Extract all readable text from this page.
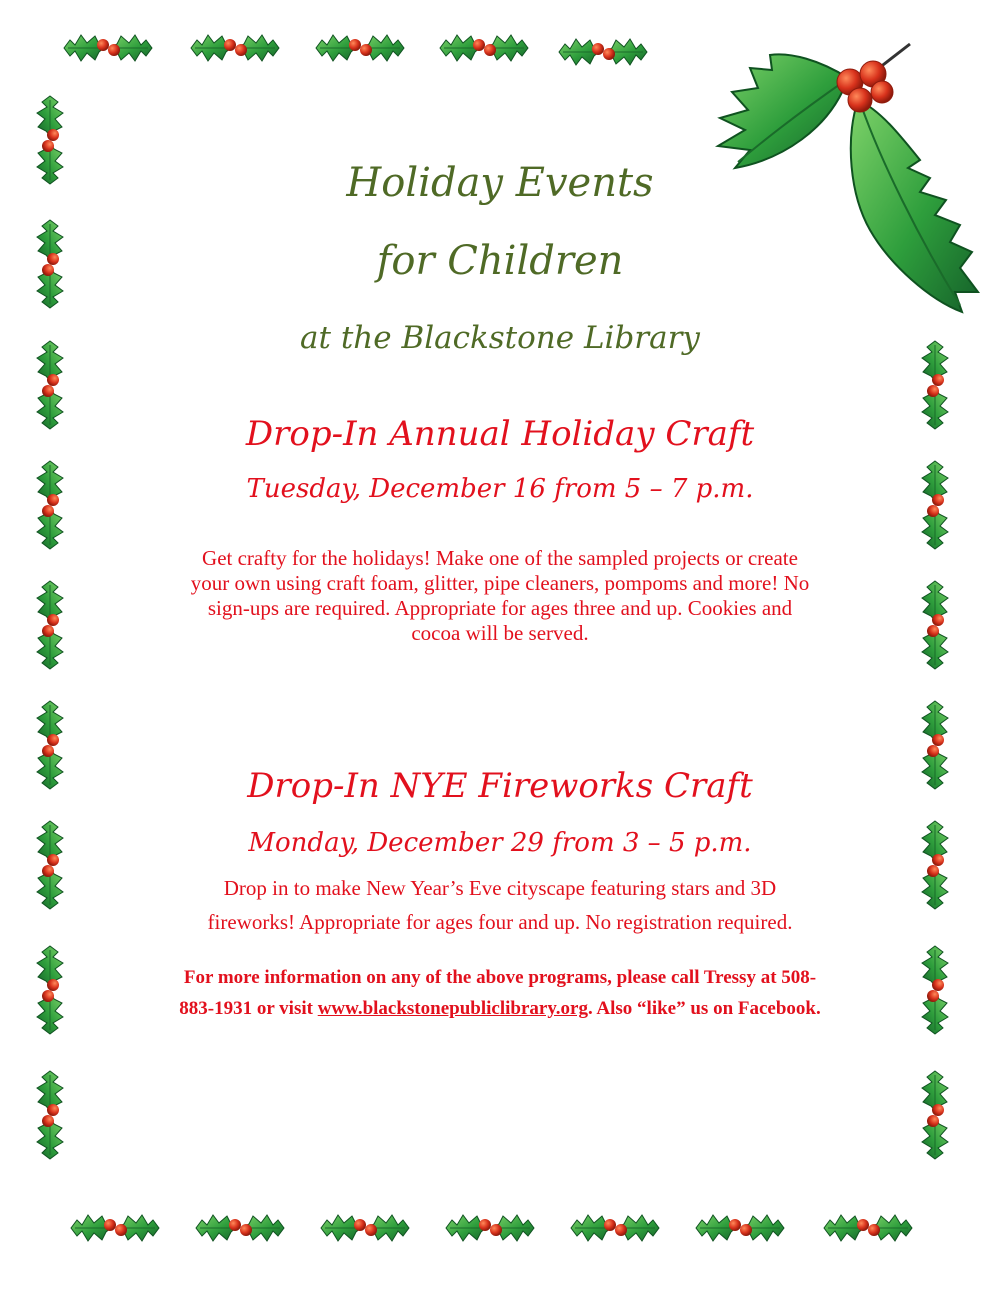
Holiday Events
for Children
at the Blackstone Library
Drop-In Annual Holiday Craft
Tuesday, December 16 from 5 – 7 p.m.
Get crafty for the holidays! Make one of the sampled projects or create
your own using craft foam, glitter, pipe cleaners, pompoms and more! No
sign-ups are required. Appropriate for ages three and up. Cookies and
cocoa will be served.
Drop-In NYE Fireworks Craft
Monday, December 29 from 3 – 5 p.m.
Drop in to make New Year’s Eve cityscape featuring stars and 3D
fireworks! Appropriate for ages four and up. No registration required.
For more information on any of the above programs, please call Tressy at 508-
883-1931 or visit www.blackstonepubliclibrary.org. Also “like” us on Facebook.
